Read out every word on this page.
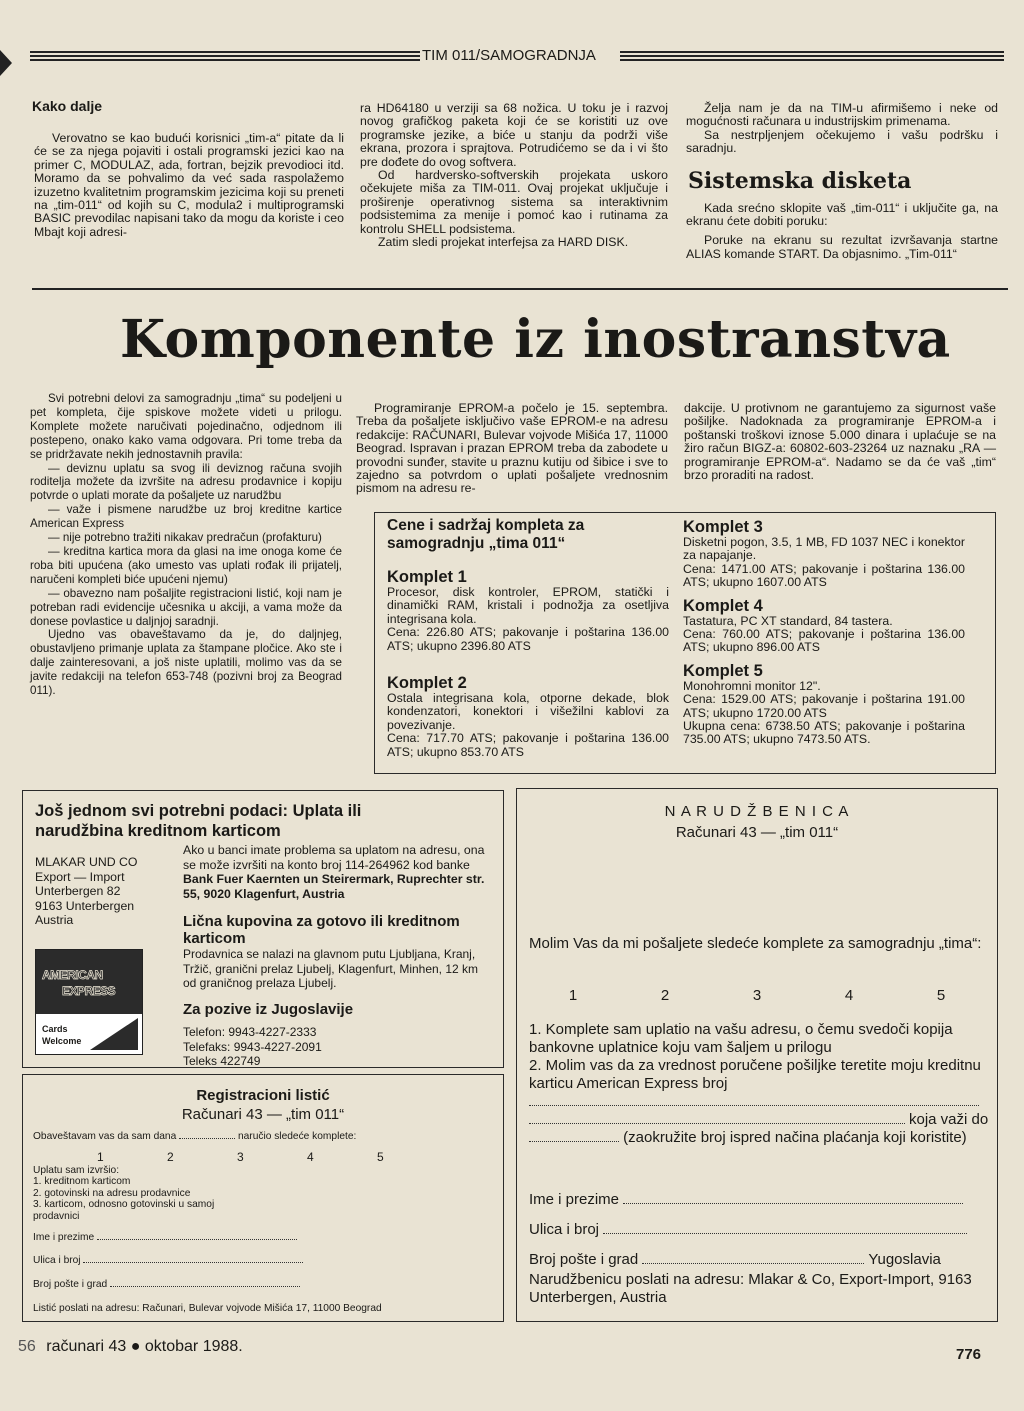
TIM 011/SAMOGRADNJA

Kako dalje

Verovatno se kao budući korisnici „tim-a“ pitate da li će se za njega pojaviti i ostali programski jezici kao na primer C, MODULAZ, ada, fortran, bejzik prevodioci itd. Moramo da se pohvalimo da već sada raspolažemo izuzetno kvalitetnim programskim jezicima koji su preneti na „tim-011“ od kojih su C, modula2 i multiprogramski BASIC prevodilac napisani tako da mogu da koriste i ceo Mbajt koji adresi-

ra HD64180 u verziji sa 68 nožica. U toku je i razvoj novog grafičkog paketa koji će se koristiti uz ove programske jezike, a biće u stanju da podrži više ekrana, prozora i sprajtova. Potrudićemo se da i vi što pre dođete do ovog softvera.

Od hardversko-softverskih projekata uskoro očekujete miša za TIM-011. Ovaj projekat uključuje i proširenje operativnog sistema sa interaktivnim podsistemima za menije i pomoć kao i rutinama za kontrolu SHELL podsistema.

Zatim sledi projekat interfejsa za HARD DISK.

Želja nam je da na TIM-u afirmišemo i neke od mogućnosti računara u industrijskim primenama.

Sa nestrpljenjem očekujemo i vašu podršku i saradnju.

Sistemska disketa

Kada srećno sklopite vaš „tim-011“ i uključite ga, na ekranu ćete dobiti poruku:

Poruke na ekranu su rezultat izvršavanja startne ALIAS komande START. Da objasnimo. „Tim-011“

Komponente iz inostranstva

Svi potrebni delovi za samogradnju „tima“ su podeljeni u pet kompleta, čije spiskove možete videti u prilogu. Komplete možete naručivati pojedinačno, odjednom ili postepeno, onako kako vama odgovara. Pri tome treba da se pridržavate nekih jednostavnih pravila:

— deviznu uplatu sa svog ili deviznog računa svojih roditelja možete da izvršite na adresu prodavnice i kopiju potvrde o uplati morate da pošaljete uz narudžbu

— važe i pismene narudžbe uz broj kreditne kartice American Express

— nije potrebno tražiti nikakav predračun (profakturu)

— kreditna kartica mora da glasi na ime onoga kome će roba biti upućena (ako umesto vas uplati rođak ili prijatelj, naručeni kompleti biće upućeni njemu)

— obavezno nam pošaljite registracioni listić, koji nam je potreban radi evidencije učesnika u akciji, a vama može da donese povlastice u daljnjoj saradnji.

Ujedno vas obaveštavamo da je, do daljnjeg, obustavljeno primanje uplata za štampane pločice. Ako ste i dalje zainteresovani, a još niste uplatili, molimo vas da se javite redakciji na telefon 653-748 (pozivni broj za Beograd 011).

Programiranje EPROM-a počelo je 15. septembra. Treba da pošaljete isključivo vaše EPROM-e na adresu redakcije: RAČUNARI, Bulevar vojvode Mišića 17, 11000 Beograd. Ispravan i prazan EPROM treba da zabodete u provodni sunđer, stavite u praznu kutiju od šibice i sve to zajedno sa potvrdom o uplati pošaljete vrednosnim pismom na adresu re-

dakcije. U protivnom ne garantujemo za sigurnost vaše pošiljke. Nadoknada za programiranje EPROM-a i poštanski troškovi iznose 5.000 dinara i uplaćuje se na žiro račun BIGZ-a: 60802-603-23264 uz naznaku „RA — programiranje EPROM-a“. Nadamo se da će vaš „tim“ brzo proraditi na radost.

Cene i sadržaj kompleta za samogradnju „tima 011“

Komplet 1

Procesor, disk kontroler, EPROM, statički i dinamički RAM, kristali i podnožja za osetljiva integrisana kola.

Cena: 226.80 ATS; pakovanje i poštarina 136.00 ATS; ukupno 2396.80 ATS

Komplet 2

Ostala integrisana kola, otporne dekade, blok kondenzatori, konektori i višežilni kablovi za povezivanje.

Cena: 717.70 ATS; pakovanje i poštarina 136.00 ATS; ukupno 853.70 ATS

Komplet 3

Disketni pogon, 3.5, 1 MB, FD 1037 NEC i konektor za napajanje.

Cena: 1471.00 ATS; pakovanje i poštarina 136.00 ATS; ukupno 1607.00 ATS

Komplet 4

Tastatura, PC XT standard, 84 tastera.

Cena: 760.00 ATS; pakovanje i poštarina 136.00 ATS; ukupno 896.00 ATS

Komplet 5

Monohromni monitor 12".

Cena: 1529.00 ATS; pakovanje i poštarina 191.00 ATS; ukupno 1720.00 ATS

Ukupna cena: 6738.50 ATS; pakovanje i poštarina 735.00 ATS; ukupno 7473.50 ATS.

Još jednom svi potrebni podaci: Uplata ili narudžbina kreditnom karticom

MLAKAR UND CO
Export — Import
Unterbergen 82
9163 Unterbergen
Austria
AMERICAN
EXPRESS
Cards
Welcome
Ako u banci imate problema sa uplatom na adresu, ona se može izvršiti na konto broj 114-264962 kod banke Bank Fuer Kaernten un Steirermark, Ruprechter str. 55, 9020 Klagenfurt, Austria

Lična kupovina za gotovo ili kreditnom karticom

Prodavnica se nalazi na glavnom putu Ljubljana, Kranj, Tržič, granični prelaz Ljubelj, Klagenfurt, Minhen, 12 km od graničnog prelaza Ljubelj.

Za pozive iz Jugoslavije

Telefon: 9943-4227-2333
Telefaks: 9943-4227-2091
Teleks 422749
Registracioni listić
Računari 43 — „tim 011“
Obaveštavam vas da sam dana	naručio sledeće komplete:
1	2	3	4	5
Uplatu sam izvršio:
1. kreditnom karticom
2. gotovinski na adresu prodavnice
3. karticom, odnosno gotovinski u samoj prodavnici
Ime i prezime
Ulica i broj
Broj pošte i grad
Listić poslati na adresu: Računari, Bulevar vojvode Mišića 17, 11000 Beograd
N A R U D Ž B E N I C A
Računari 43 — „tim 011“

Molim Vas da mi pošaljete sledeće komplete za samogradnju „tima“:

1	2	3	4	5

1. Komplete sam uplatio na vašu adresu, o čemu svedoči kopija bankovne uplatnice koju vam šaljem u prilogu

2. Molim vas da za vrednost poručene pošiljke teretite moju kreditnu karticu American Express broj

koja važi do
(zaokružite broj ispred načina plaćanja koji koristite)
Ime i prezime
Ulica i broj
Broj pošte i grad	Yugoslavia

Narudžbenicu poslati na adresu: Mlakar & Co, Export-Import, 9163 Unterbergen, Austria

56 računari 43 ● oktobar 1988.	776
